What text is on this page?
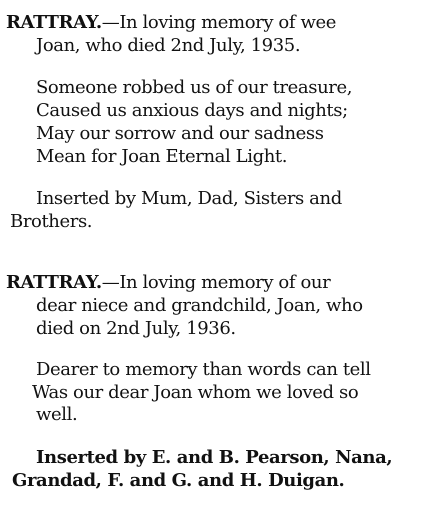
RATTRAY.—In loving memory of wee
Joan, who died 2nd July, 1935.
Someone robbed us of our treasure,
Caused us anxious days and nights;
May our sorrow and our sadness
Mean for Joan Eternal Light.
Inserted by Mum, Dad, Sisters and
Brothers.
RATTRAY.—In loving memory of our
dear niece and grandchild, Joan, who
died on 2nd July, 1936.
Dearer to memory than words can tell
Was our dear Joan whom we loved so
well.
Inserted by E. and B. Pearson, Nana,
Grandad, F. and G. and H. Duigan.
